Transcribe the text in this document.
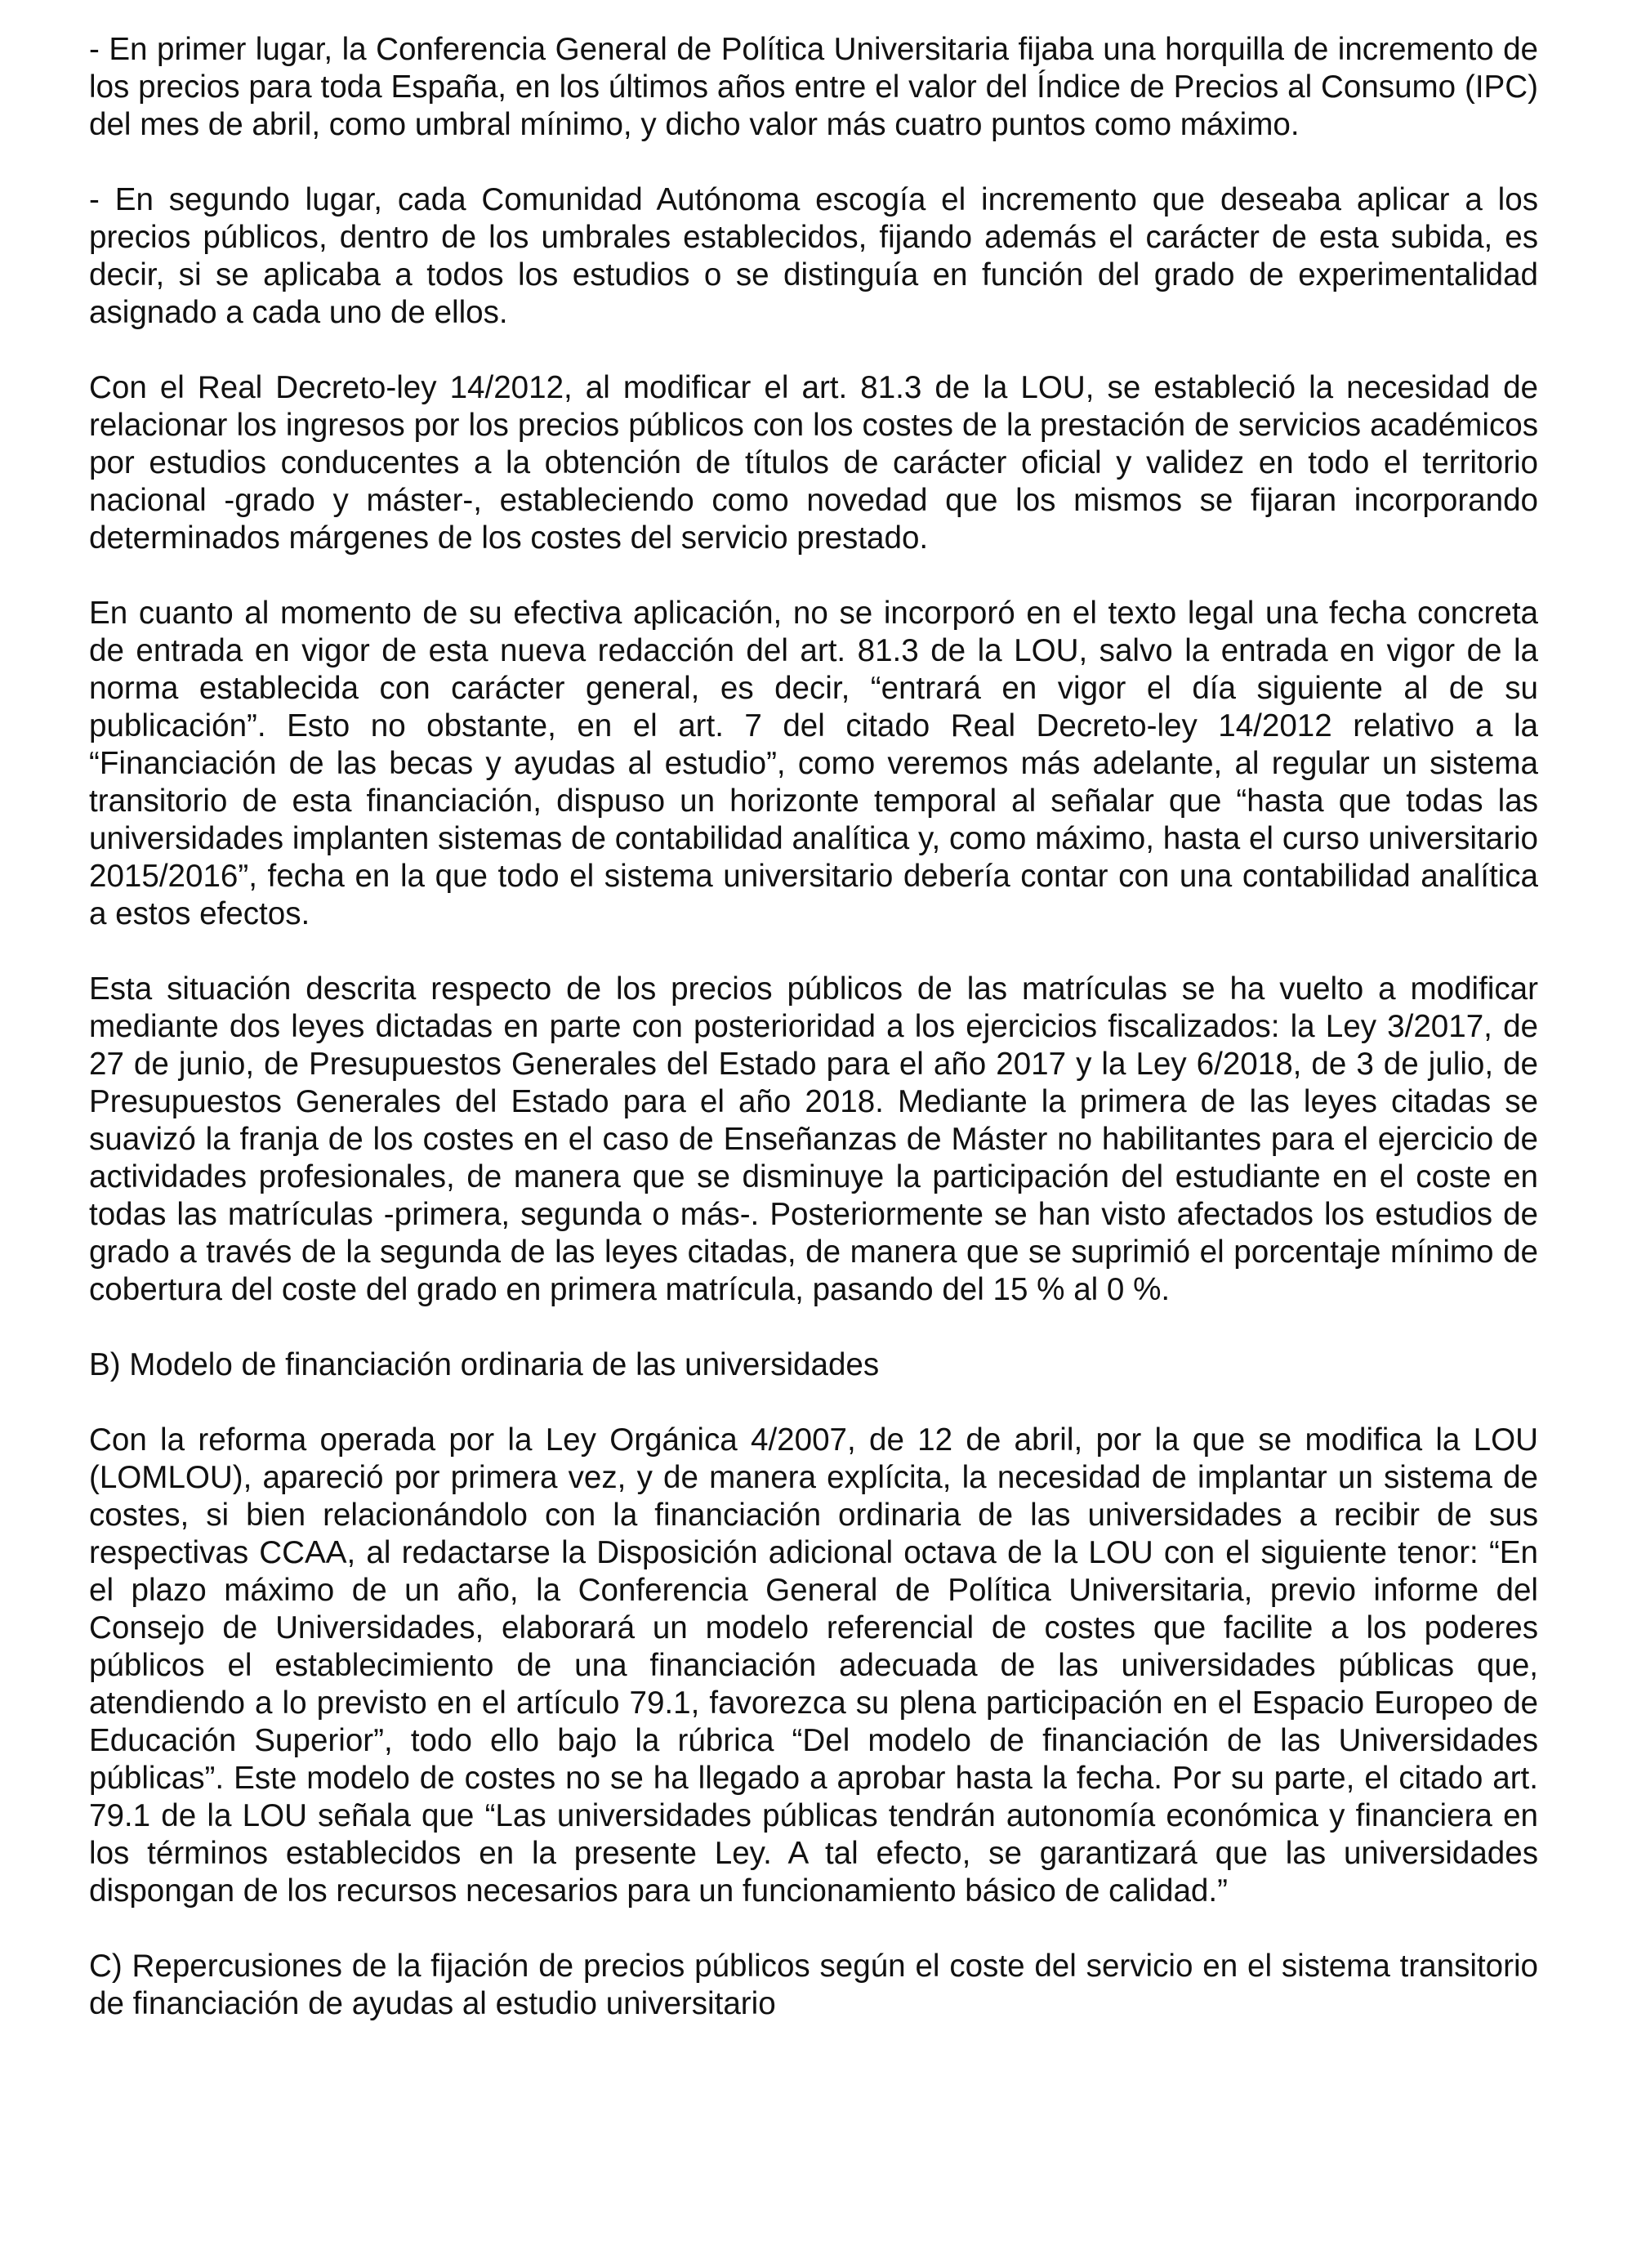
- En primer lugar, la Conferencia General de Política Universitaria fijaba una horquilla de incremento de los precios para toda España, en los últimos años entre el valor del Índice de Precios al Consumo (IPC) del mes de abril, como umbral mínimo, y dicho valor más cuatro puntos como máximo.

- En segundo lugar, cada Comunidad Autónoma escogía el incremento que deseaba aplicar a los precios públicos, dentro de los umbrales establecidos, fijando además el carácter de esta subida, es decir, si se aplicaba a todos los estudios o se distinguía en función del grado de experimentalidad asignado a cada uno de ellos.

Con el Real Decreto-ley 14/2012, al modificar el art. 81.3 de la LOU, se estableció la necesidad de relacionar los ingresos por los precios públicos con los costes de la prestación de servicios académicos por estudios conducentes a la obtención de títulos de carácter oficial y validez en todo el territorio nacional -grado y máster-, estableciendo como novedad que los mismos se fijaran incorporando determinados márgenes de los costes del servicio prestado.

En cuanto al momento de su efectiva aplicación, no se incorporó en el texto legal una fecha concreta de entrada en vigor de esta nueva redacción del art. 81.3 de la LOU, salvo la entrada en vigor de la norma establecida con carácter general, es decir, “entrará en vigor el día siguiente al de su publicación”. Esto no obstante, en el art. 7 del citado Real Decreto-ley 14/2012 relativo a la “Financiación de las becas y ayudas al estudio”, como veremos más adelante, al regular un sistema transitorio de esta financiación, dispuso un horizonte temporal al señalar que “hasta que todas las universidades implanten sistemas de contabilidad analítica y, como máximo, hasta el curso universitario 2015/2016”, fecha en la que todo el sistema universitario debería contar con una contabilidad analítica a estos efectos.

Esta situación descrita respecto de los precios públicos de las matrículas se ha vuelto a modificar mediante dos leyes dictadas en parte con posterioridad a los ejercicios fiscalizados: la Ley 3/2017, de 27 de junio, de Presupuestos Generales del Estado para el año 2017 y la Ley 6/2018, de 3 de julio, de Presupuestos Generales del Estado para el año 2018. Mediante la primera de las leyes citadas se suavizó la franja de los costes en el caso de Enseñanzas de Máster no habilitantes para el ejercicio de actividades profesionales, de manera que se disminuye la participación del estudiante en el coste en todas las matrículas -primera, segunda o más-. Posteriormente se han visto afectados los estudios de grado a través de la segunda de las leyes citadas, de manera que se suprimió el porcentaje mínimo de cobertura del coste del grado en primera matrícula, pasando del 15 % al 0 %.

B) Modelo de financiación ordinaria de las universidades

Con la reforma operada por la Ley Orgánica 4/2007, de 12 de abril, por la que se modifica la LOU (LOMLOU), apareció por primera vez, y de manera explícita, la necesidad de implantar un sistema de costes, si bien relacionándolo con la financiación ordinaria de las universidades a recibir de sus respectivas CCAA, al redactarse la Disposición adicional octava de la LOU con el siguiente tenor: “En el plazo máximo de un año, la Conferencia General de Política Universitaria, previo informe del Consejo de Universidades, elaborará un modelo referencial de costes que facilite a los poderes públicos el establecimiento de una financiación adecuada de las universidades públicas que, atendiendo a lo previsto en el artículo 79.1, favorezca su plena participación en el Espacio Europeo de Educación Superior”, todo ello bajo la rúbrica “Del modelo de financiación de las Universidades públicas”. Este modelo de costes no se ha llegado a aprobar hasta la fecha. Por su parte, el citado art. 79.1 de la LOU señala que “Las universidades públicas tendrán autonomía económica y financiera en los términos establecidos en la presente Ley. A tal efecto, se garantizará que las universidades dispongan de los recursos necesarios para un funcionamiento básico de calidad.”

C) Repercusiones de la fijación de precios públicos según el coste del servicio en el sistema transitorio de financiación de ayudas al estudio universitario
